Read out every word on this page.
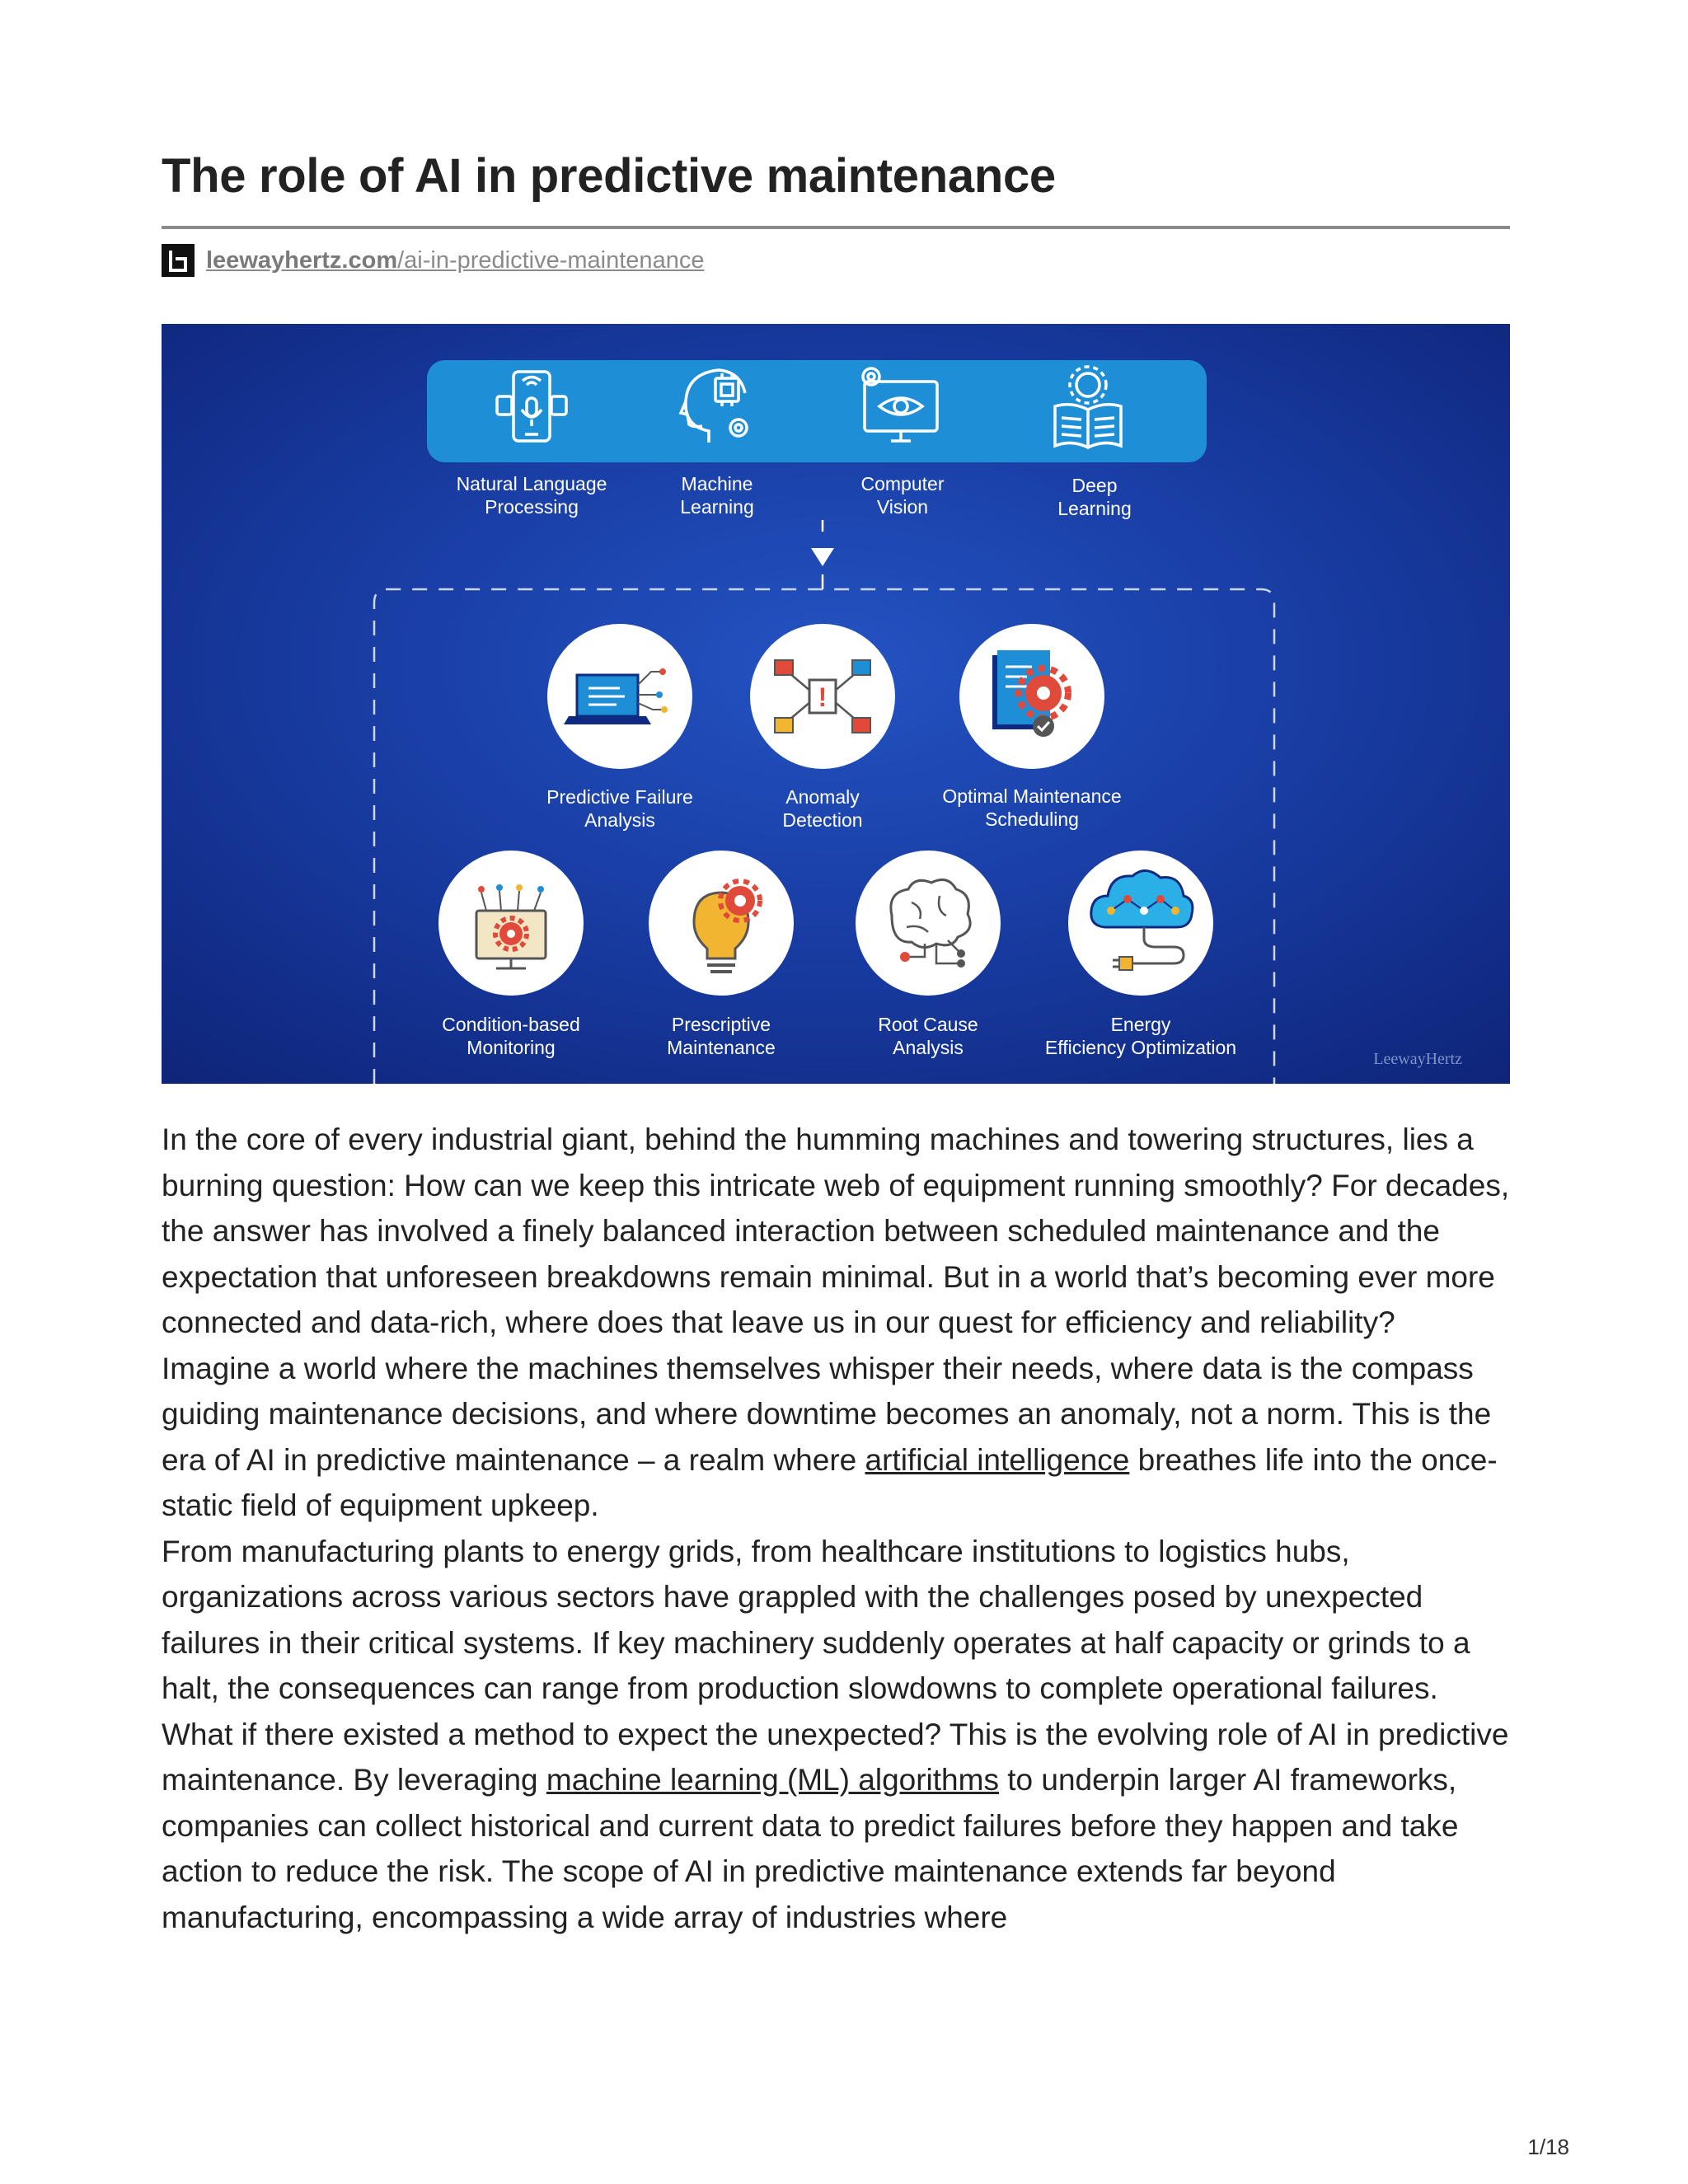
The role of AI in predictive maintenance
leewayhertz.com/ai-in-predictive-maintenance
Natural Language
Processing
Machine
Learning
Computer
Vision
Deep
Learning
!
Predictive Failure
Analysis
Anomaly
Detection
Optimal Maintenance
Scheduling
Condition-based
Monitoring
Prescriptive
Maintenance
Root Cause
Analysis
Energy
Efficiency Optimization
LeewayHertz

In the core of every industrial giant, behind the humming machines and towering structures, lies a burning question: How can we keep this intricate web of equipment running smoothly? For decades, the answer has involved a finely balanced interaction between scheduled maintenance and the expectation that unforeseen breakdowns remain minimal. But in a world that’s becoming ever more connected and data-rich, where does that leave us in our quest for efficiency and reliability?

Imagine a world where the machines themselves whisper their needs, where data is the compass guiding maintenance decisions, and where downtime becomes an anomaly, not a norm. This is the era of AI in predictive maintenance – a realm where artificial intelligence breathes life into the once-static field of equipment upkeep.

From manufacturing plants to energy grids, from healthcare institutions to logistics hubs, organizations across various sectors have grappled with the challenges posed by unexpected failures in their critical systems. If key machinery suddenly operates at half capacity or grinds to a halt, the consequences can range from production slowdowns to complete operational failures.

What if there existed a method to expect the unexpected? This is the evolving role of AI in predictive maintenance. By leveraging machine learning (ML) algorithms to underpin larger AI frameworks, companies can collect historical and current data to predict failures before they happen and take action to reduce the risk. The scope of AI in predictive maintenance extends far beyond manufacturing, encompassing a wide array of industries where

1/18
